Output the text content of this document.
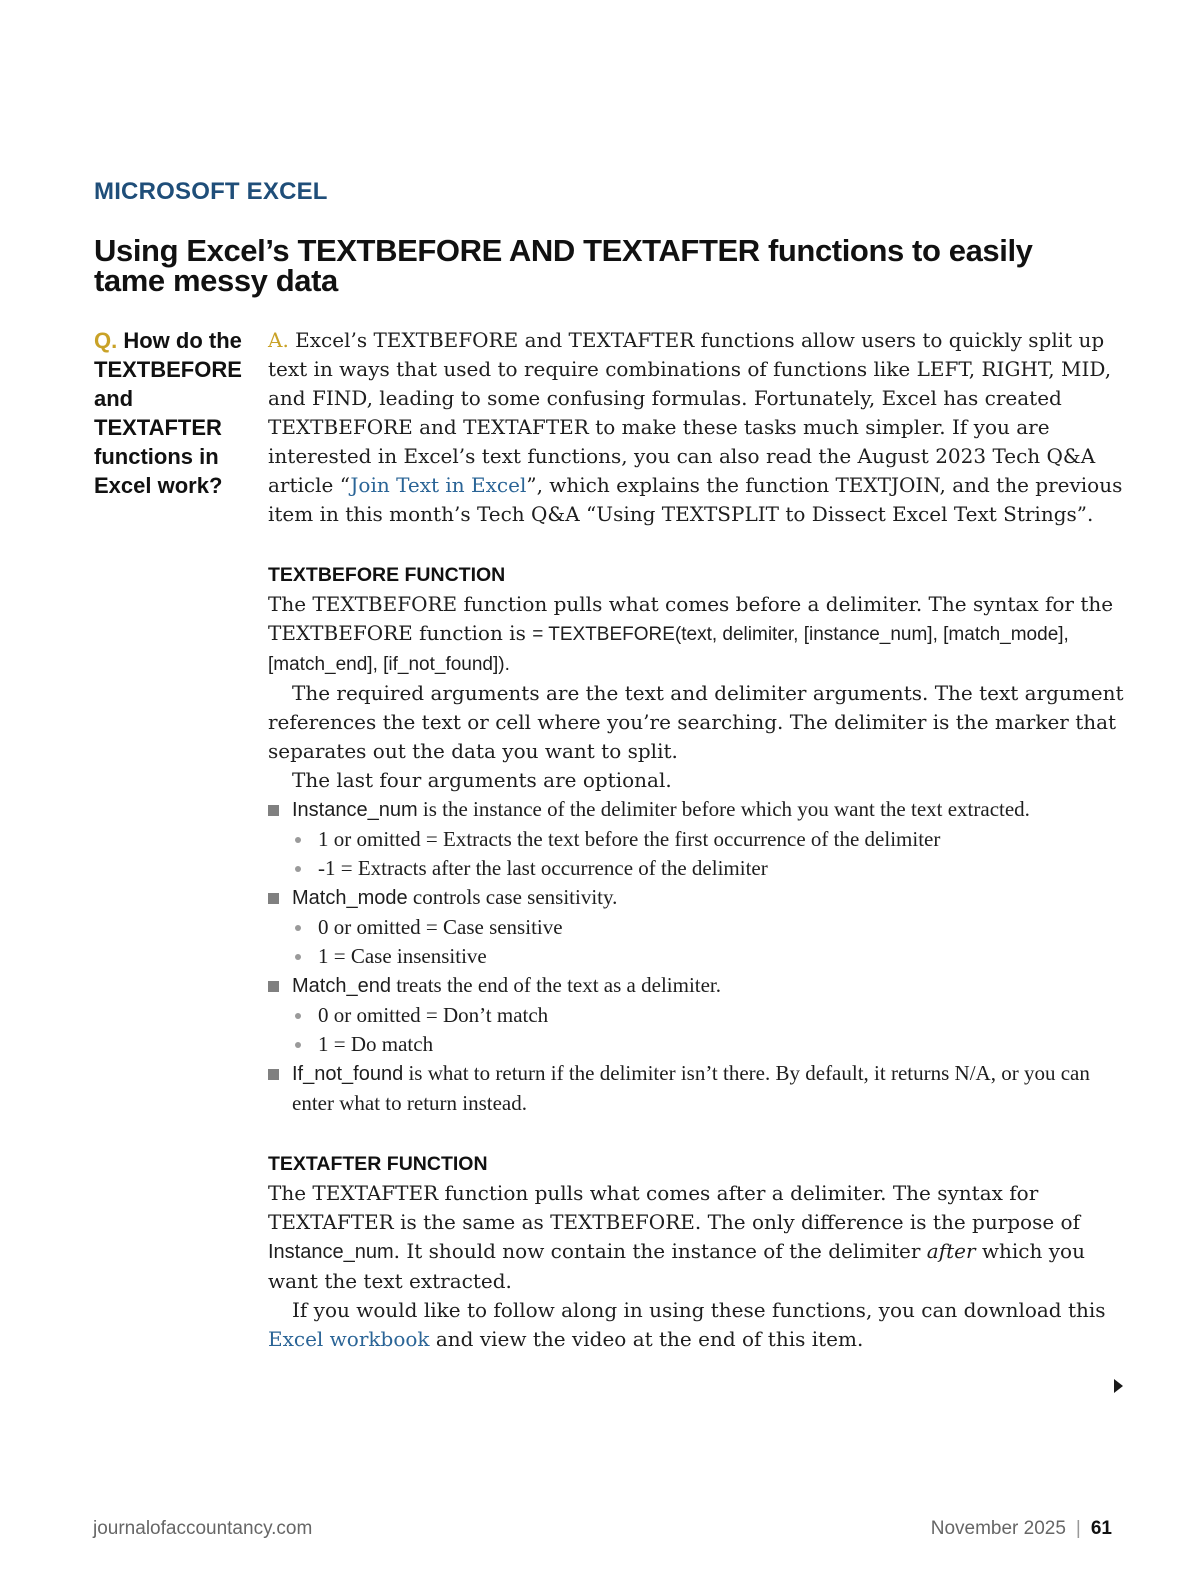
MICROSOFT EXCEL
Using Excel’s TEXTBEFORE AND TEXTAFTER functions to easily tame messy data
Q. How do the TEXTBEFORE and TEXTAFTER functions in Excel work?

A. Excel’s TEXTBEFORE and TEXTAFTER functions allow users to quickly split up text in ways that used to require combinations of functions like LEFT, RIGHT, MID, and FIND, leading to some confusing formulas. Fortunately, Excel has created TEXTBEFORE and TEXTAFTER to make these tasks much simpler. If you are interested in Excel’s text functions, you can also read the August 2023 Tech Q&A article “Join Text in Excel”, which explains the function TEXTJOIN, and the previous item in this month’s Tech Q&A “Using TEXTSPLIT to Dissect Excel Text Strings”.

TEXTBEFORE FUNCTION

The TEXTBEFORE function pulls what comes before a delimiter. The syntax for the TEXTBEFORE function is = TEXTBEFORE(text, delimiter, [instance_num], [match_mode], [match_end], [if_not_found]).

The required arguments are the text and delimiter arguments. The text argument references the text or cell where you’re searching. The delimiter is the marker that separates out the data you want to split.

The last four arguments are optional.

Instance_num is the instance of the delimiter before which you want the text extracted.
1 or omitted = Extracts the text before the first occurrence of the delimiter
-1 = Extracts after the last occurrence of the delimiter
Match_mode controls case sensitivity.
0 or omitted = Case sensitive
1 = Case insensitive
Match_end treats the end of the text as a delimiter.
0 or omitted = Don’t match
1 = Do match
If_not_found is what to return if the delimiter isn’t there. By default, it returns N/A, or you can enter what to return instead.
TEXTAFTER FUNCTION

The TEXTAFTER function pulls what comes after a delimiter. The syntax for TEXTAFTER is the same as TEXTBEFORE. The only difference is the purpose of Instance_num. It should now contain the instance of the delimiter after which you want the text extracted.

If you would like to follow along in using these functions, you can download this Excel workbook and view the video at the end of this item.

journalofaccountancy.com	November 2025 | 61
